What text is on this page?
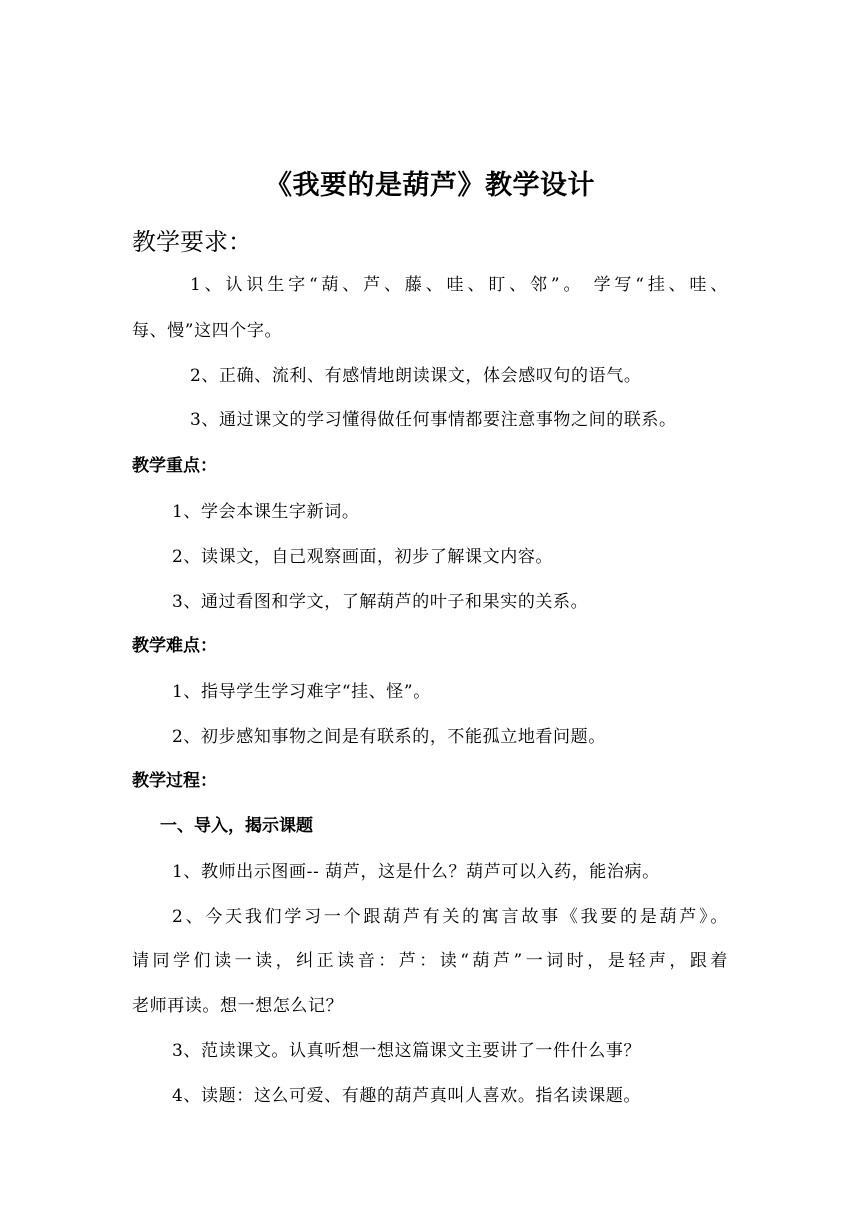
《我要的是葫芦》教学设计
教学要求：
1、认识生字“葫、芦、藤、哇、盯、邻”。 学写“挂、哇、
每、慢”这四个字。
2、正确、流利、有感情地朗读课文，体会感叹句的语气。
3、通过课文的学习懂得做任何事情都要注意事物之间的联系。
教学重点：
1、学会本课生字新词。
2、读课文，自己观察画面，初步了解课文内容。
3、通过看图和学文，了解葫芦的叶子和果实的关系。
教学难点：
1、指导学生学习难字“挂、怪”。
2、初步感知事物之间是有联系的，不能孤立地看问题。
教学过程：
一、导入，揭示课题
1、教师出示图画-- 葫芦，这是什么？葫芦可以入药，能治病。
2、今天我们学习一个跟葫芦有关的寓言故事《我要的是葫芦》。
请同学们读一读，纠正读音：芦：读“葫芦”一词时，是轻声，跟着
老师再读。想一想怎么记？
3、范读课文。认真听想一想这篇课文主要讲了一件什么事？
4、读题：这么可爱、有趣的葫芦真叫人喜欢。指名读课题。
